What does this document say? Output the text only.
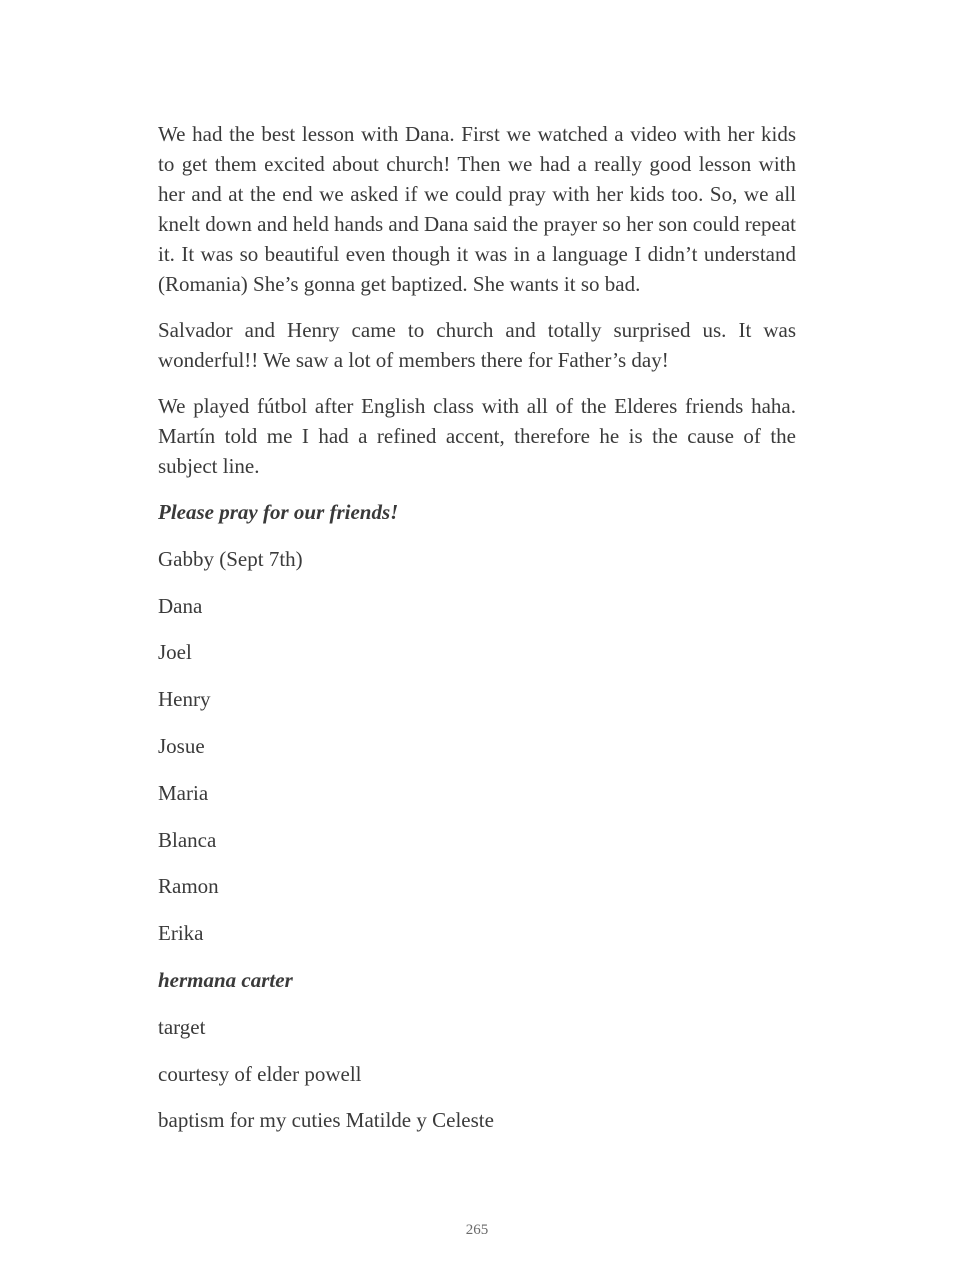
We had the best lesson with Dana. First we watched a video with her kids to get them excited about church! Then we had a really good lesson with her and at the end we asked if we could pray with her kids too. So, we all knelt down and held hands and Dana said the prayer so her son could repeat it. It was so beautiful even though it was in a language I didn’t understand (Romania) She’s gonna get baptized. She wants it so bad.

Salvador and Henry came to church and totally surprised us. It was wonderful!! We saw a lot of members there for Father’s day!

We played fútbol after English class with all of the Elderes friends haha. Martín told me I had a refined accent, therefore he is the cause of the subject line.

Please pray for our friends!

Gabby (Sept 7th)
Dana
Joel
Henry
Josue
Maria
Blanca
Ramon
Erika
hermana carter
target
courtesy of elder powell
baptism for my cuties Matilde y Celeste
265
